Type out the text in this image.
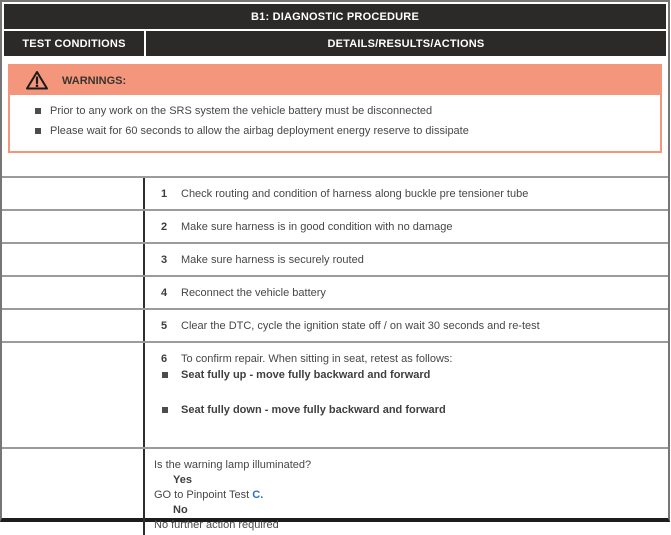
B1: DIAGNOSTIC PROCEDURE
TEST CONDITIONS	DETAILS/RESULTS/ACTIONS
WARNINGS:
Prior to any work on the SRS system the vehicle battery must be disconnected
Please wait for 60 seconds to allow the airbag deployment energy reserve to dissipate
1	Check routing and condition of harness along buckle pre tensioner tube
2	Make sure harness is in good condition with no damage
3	Make sure harness is securely routed
4	Reconnect the vehicle battery
5	Clear the DTC, cycle the ignition state off / on wait 30 seconds and re-test
6	To confirm repair. When sitting in seat, retest as follows:
Seat fully up - move fully backward and forward
Seat fully down - move fully backward and forward
Is the warning lamp illuminated?
Yes
GO to Pinpoint Test C.
No
No further action required
